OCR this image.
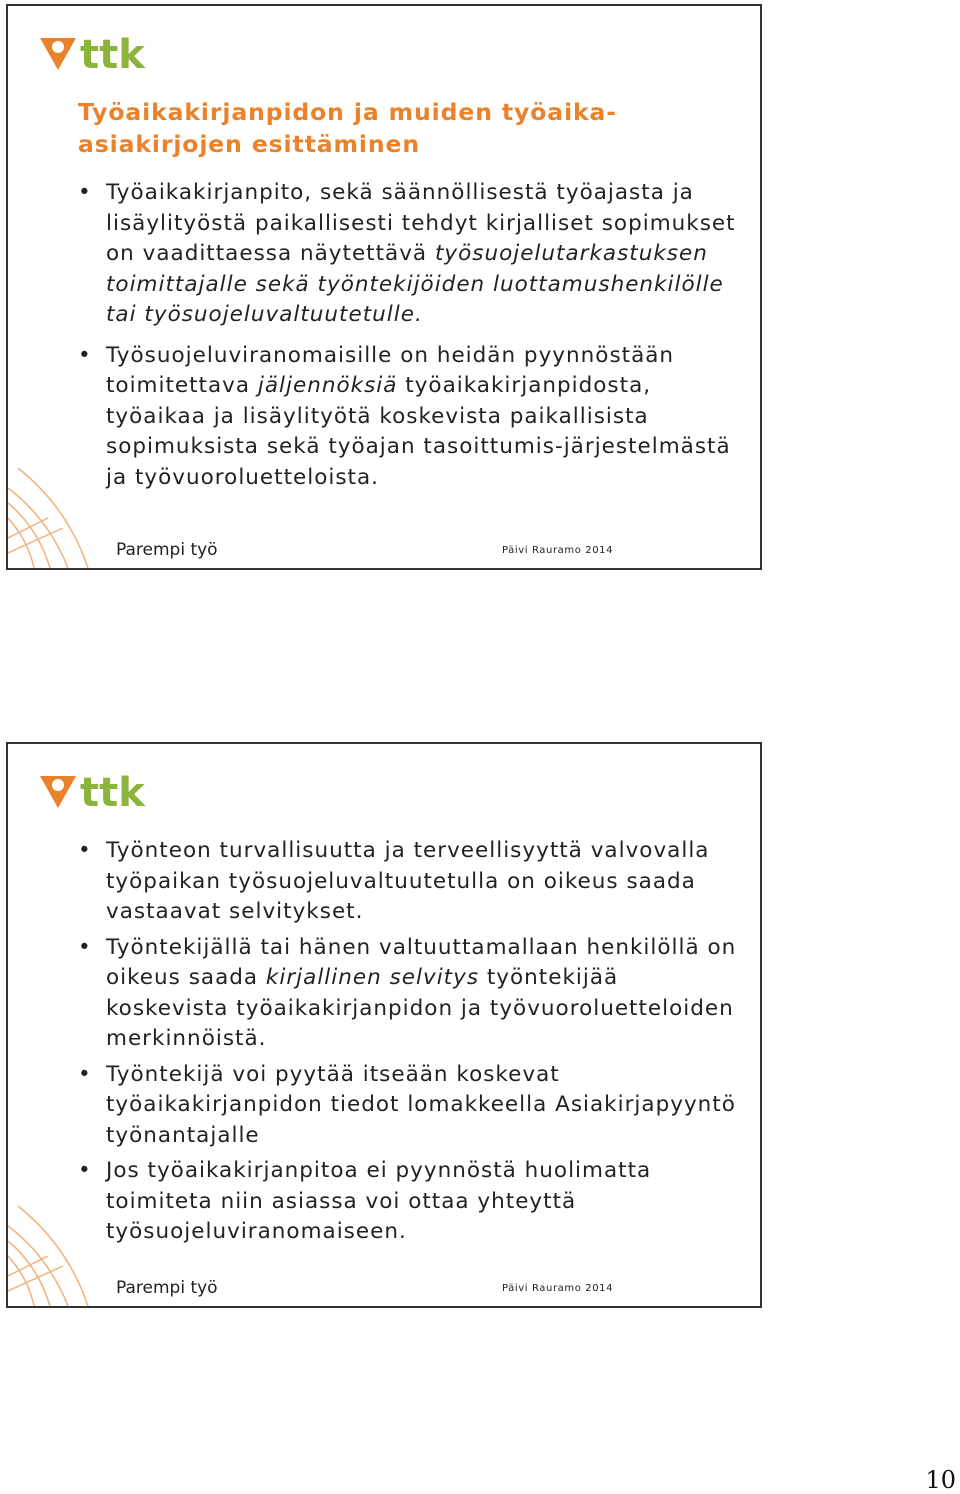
ttk
Työaikakirjanpidon ja muiden työaika-asiakirjojen esittäminen
• Työaikakirjanpito, sekä säännöllisestä työajasta ja lisäylityöstä paikallisesti tehdyt kirjalliset sopimukset on vaadittaessa näytettävä työsuojelutarkastuksen toimittajalle sekä työntekijöiden luottamushenkilölle tai työsuojeluvaltuutetulle.
• Työsuojeluviranomaisille on heidän pyynnöstään toimitettava jäljennöksiä työaikakirjanpidosta, työaikaa ja lisäylityötä koskevista paikallisista sopimuksista sekä työajan tasoittumis-järjestelmästä ja työvuoroluetteloista.
Parempi työ	Päivi Rauramo 2014
ttk
• Työnteon turvallisuutta ja terveellisyyttä valvovalla työpaikan työsuojeluvaltuutetulla on oikeus saada vastaavat selvitykset.
• Työntekijällä tai hänen valtuuttamallaan henkilöllä on oikeus saada kirjallinen selvitys työntekijää koskevista työaikakirjanpidon ja työvuoroluetteloiden merkinnöistä.
• Työntekijä voi pyytää itseään koskevat työaikakirjanpidon tiedot lomakkeella Asiakirjapyyntö työnantajalle
• Jos työaikakirjanpitoa ei pyynnöstä huolimatta toimiteta niin asiassa voi ottaa yhteyttä työsuojeluviranomaiseen.
Parempi työ	Päivi Rauramo 2014
10
